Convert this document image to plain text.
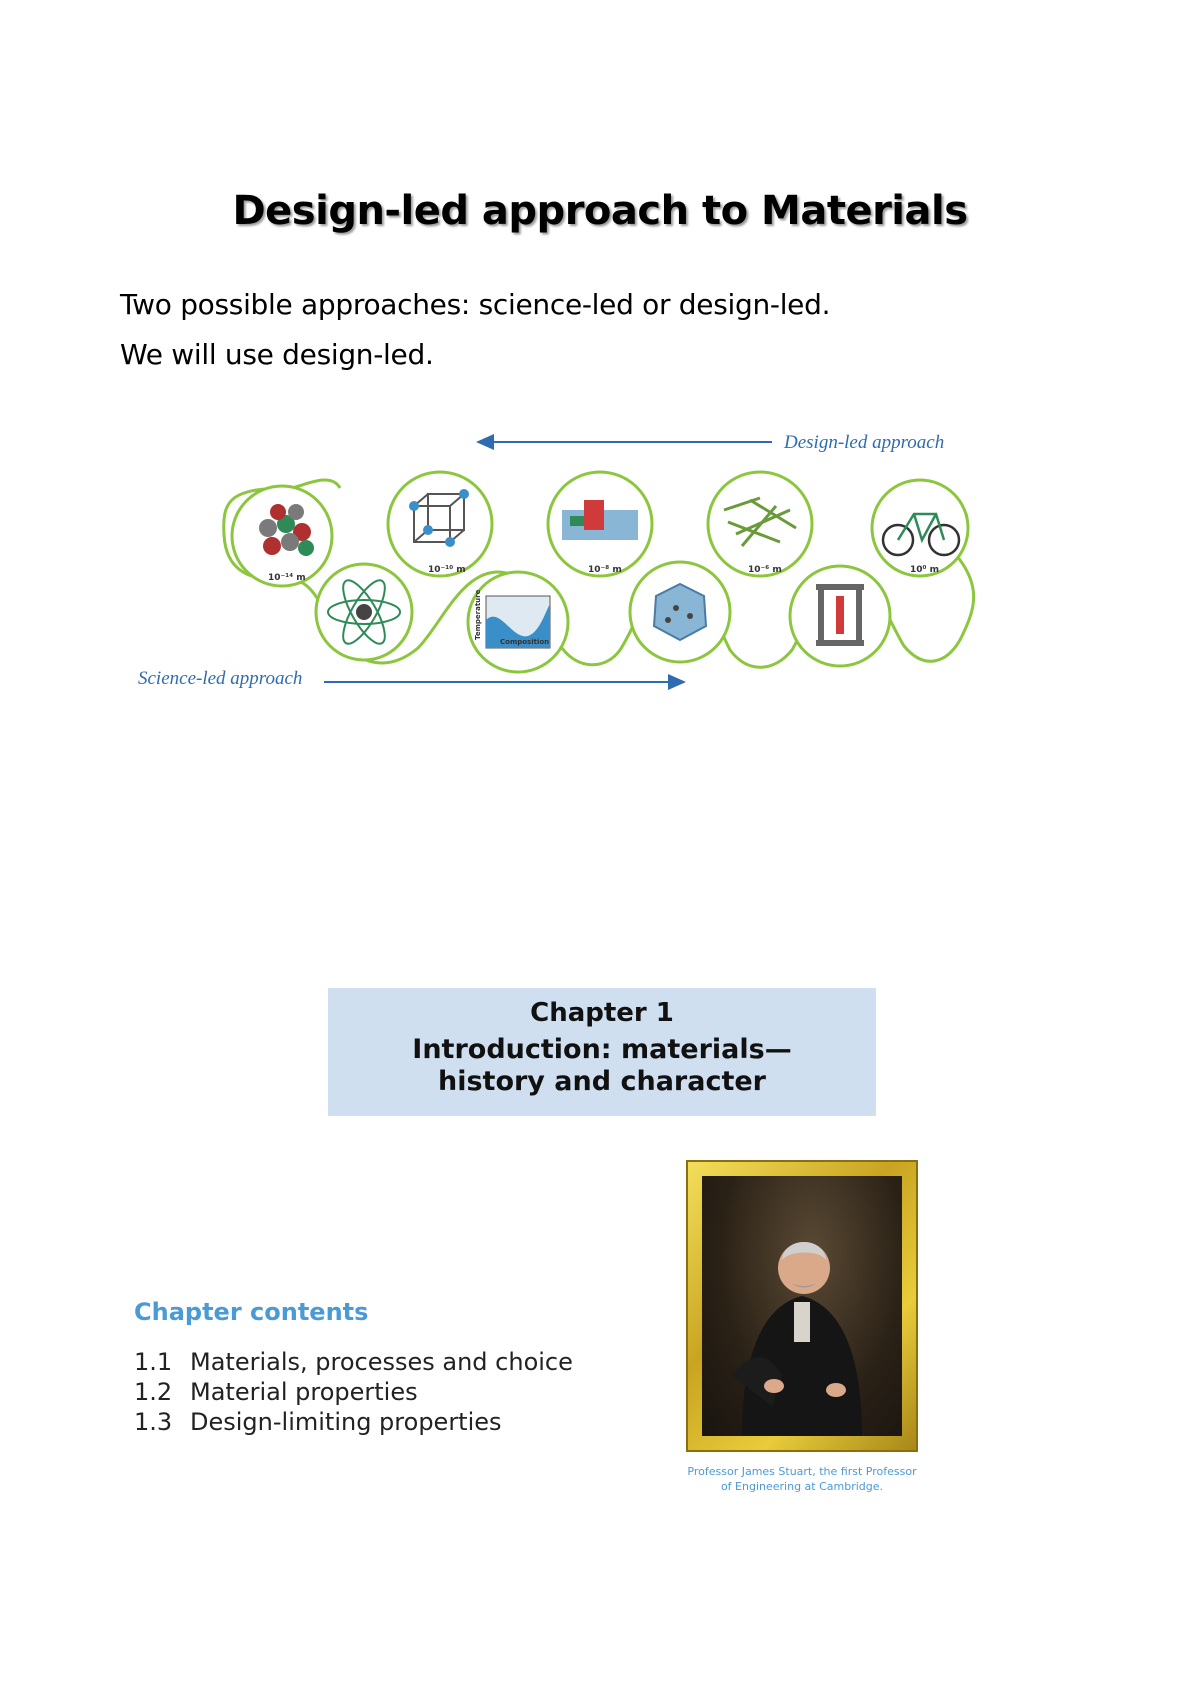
Design-led approach to Materials
Two possible approaches: science-led or design-led.
We will use design-led.
10⁻¹⁴ m
10⁻¹⁰ m	10⁻⁸ m	10⁻⁶ m	10⁰ m
Composition
Temperature
Design-led approach
Science-led approach
Chapter 1
Introduction: materials—
history and character
Chapter contents
1.1 Materials, processes and choice
1.2 Material properties
1.3 Design-limiting properties
Professor James Stuart, the first Professor
of Engineering at Cambridge.
